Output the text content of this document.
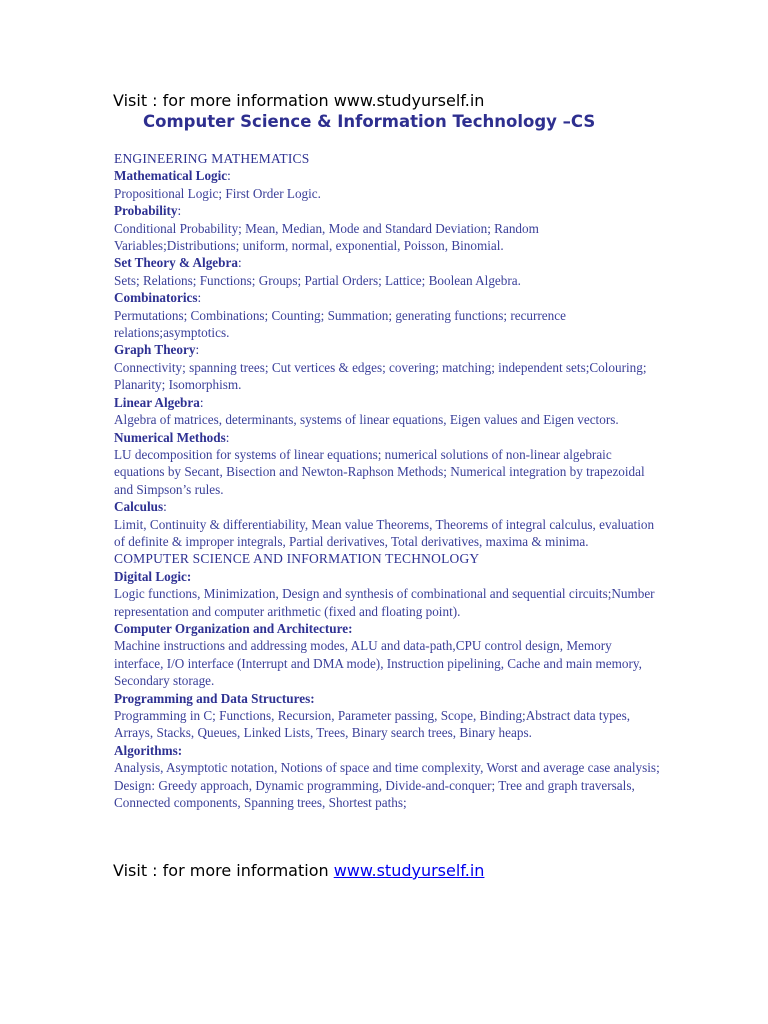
Visit : for more information www.studyurself.in
Computer Science & Information Technology –CS
ENGINEERING MATHEMATICS
Mathematical Logic:

Propositional Logic; First Order Logic.

Probability:

Conditional Probability; Mean, Median, Mode and Standard Deviation; Random Variables;Distributions; uniform, normal, exponential, Poisson, Binomial.

Set Theory & Algebra:

Sets; Relations; Functions; Groups; Partial Orders; Lattice; Boolean Algebra.

Combinatorics:

Permutations; Combinations; Counting; Summation; generating functions; recurrence relations;asymptotics.

Graph Theory:

Connectivity; spanning trees; Cut vertices & edges; covering; matching; independent sets;Colouring; Planarity; Isomorphism.

Linear Algebra:

Algebra of matrices, determinants, systems of linear equations, Eigen values and Eigen vectors.

Numerical Methods:

LU decomposition for systems of linear equations; numerical solutions of non-linear algebraic equations by Secant, Bisection and Newton-Raphson Methods; Numerical integration by trapezoidal and Simpson’s rules.

Calculus:

Limit, Continuity & differentiability, Mean value Theorems, Theorems of integral calculus, evaluation of definite & improper integrals, Partial derivatives, Total derivatives, maxima & minima.

COMPUTER SCIENCE AND INFORMATION TECHNOLOGY
Digital Logic:

Logic functions, Minimization, Design and synthesis of combinational and sequential circuits;Number representation and computer arithmetic (fixed and floating point).

Computer Organization and Architecture:

Machine instructions and addressing modes, ALU and data-path,CPU control design, Memory interface, I/O interface (Interrupt and DMA mode), Instruction pipelining, Cache and main memory, Secondary storage.

Programming and Data Structures:

Programming in C; Functions, Recursion, Parameter passing, Scope, Binding;Abstract data types, Arrays, Stacks, Queues, Linked Lists, Trees, Binary search trees, Binary heaps.

Algorithms:

Analysis, Asymptotic notation, Notions of space and time complexity, Worst and average case analysis; Design: Greedy approach, Dynamic programming, Divide-and-conquer; Tree and graph traversals, Connected components, Spanning trees, Shortest paths;

Visit : for more information www.studyurself.in
